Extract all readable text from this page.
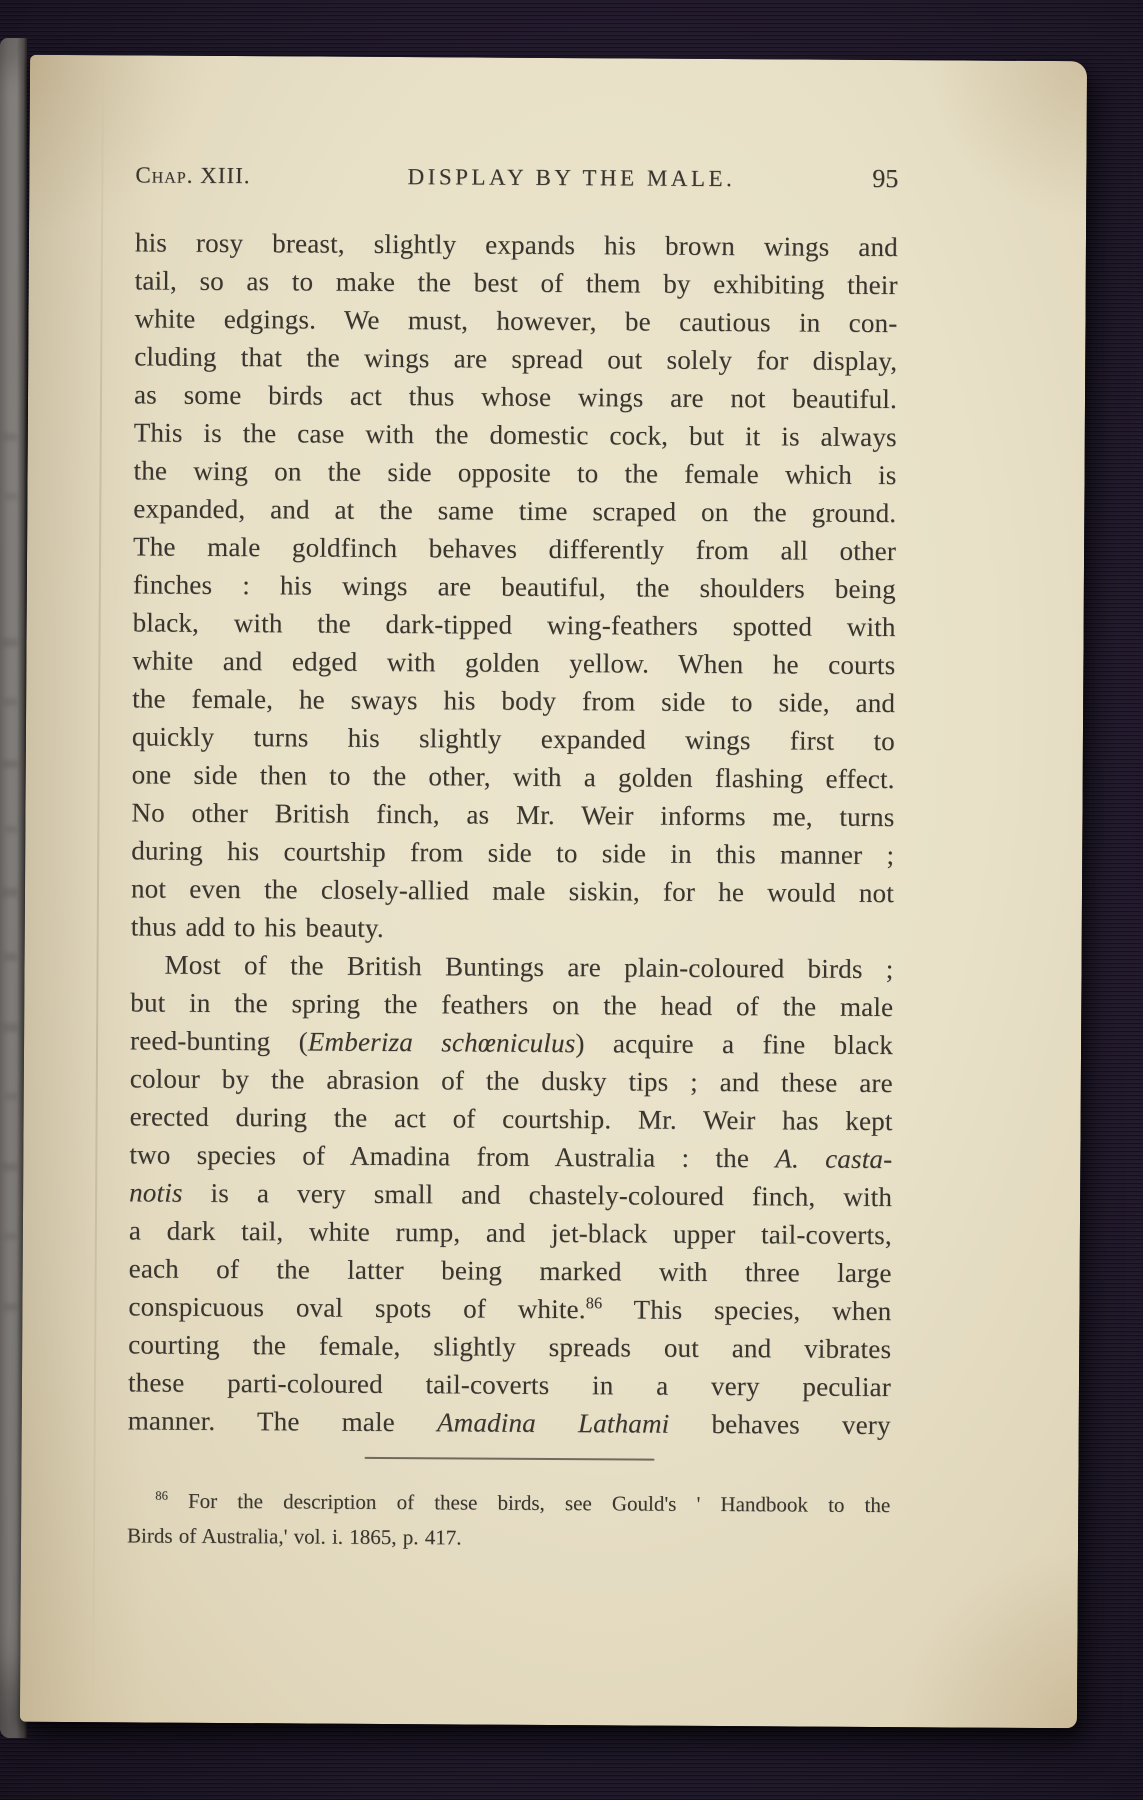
Chap. XIII.	DISPLAY BY THE MALE.	95
his rosy breast, slightly expands his brown wings and
tail, so as to make the best of them by exhibiting their
white edgings. We must, however, be cautious in con-
cluding that the wings are spread out solely for display,
as some birds act thus whose wings are not beautiful.
This is the case with the domestic cock, but it is always
the wing on the side opposite to the female which is
expanded, and at the same time scraped on the ground.
The male goldfinch behaves differently from all other
finches : his wings are beautiful, the shoulders being
black, with the dark-tipped wing-feathers spotted with
white and edged with golden yellow. When he courts
the female, he sways his body from side to side, and
quickly turns his slightly expanded wings first to
one side then to the other, with a golden flashing effect.
No other British finch, as Mr. Weir informs me, turns
during his courtship from side to side in this manner ;
not even the closely-allied male siskin, for he would not
thus add to his beauty.
Most of the British Buntings are plain-coloured birds ;
but in the spring the feathers on the head of the male
reed-bunting (Emberiza schœniculus) acquire a fine black
colour by the abrasion of the dusky tips ; and these are
erected during the act of courtship. Mr. Weir has kept
two species of Amadina from Australia : the A. casta-
notis is a very small and chastely-coloured finch, with
a dark tail, white rump, and jet-black upper tail-coverts,
each of the latter being marked with three large
conspicuous oval spots of white.$^{86}$ This species, when
courting the female, slightly spreads out and vibrates
these parti-coloured tail-coverts in a very peculiar
manner. The male Amadina Lathami behaves very
$^{86}$ For the description of these birds, see Gould's ' Handbook to the
Birds of Australia,' vol. i. 1865, p. 417.
